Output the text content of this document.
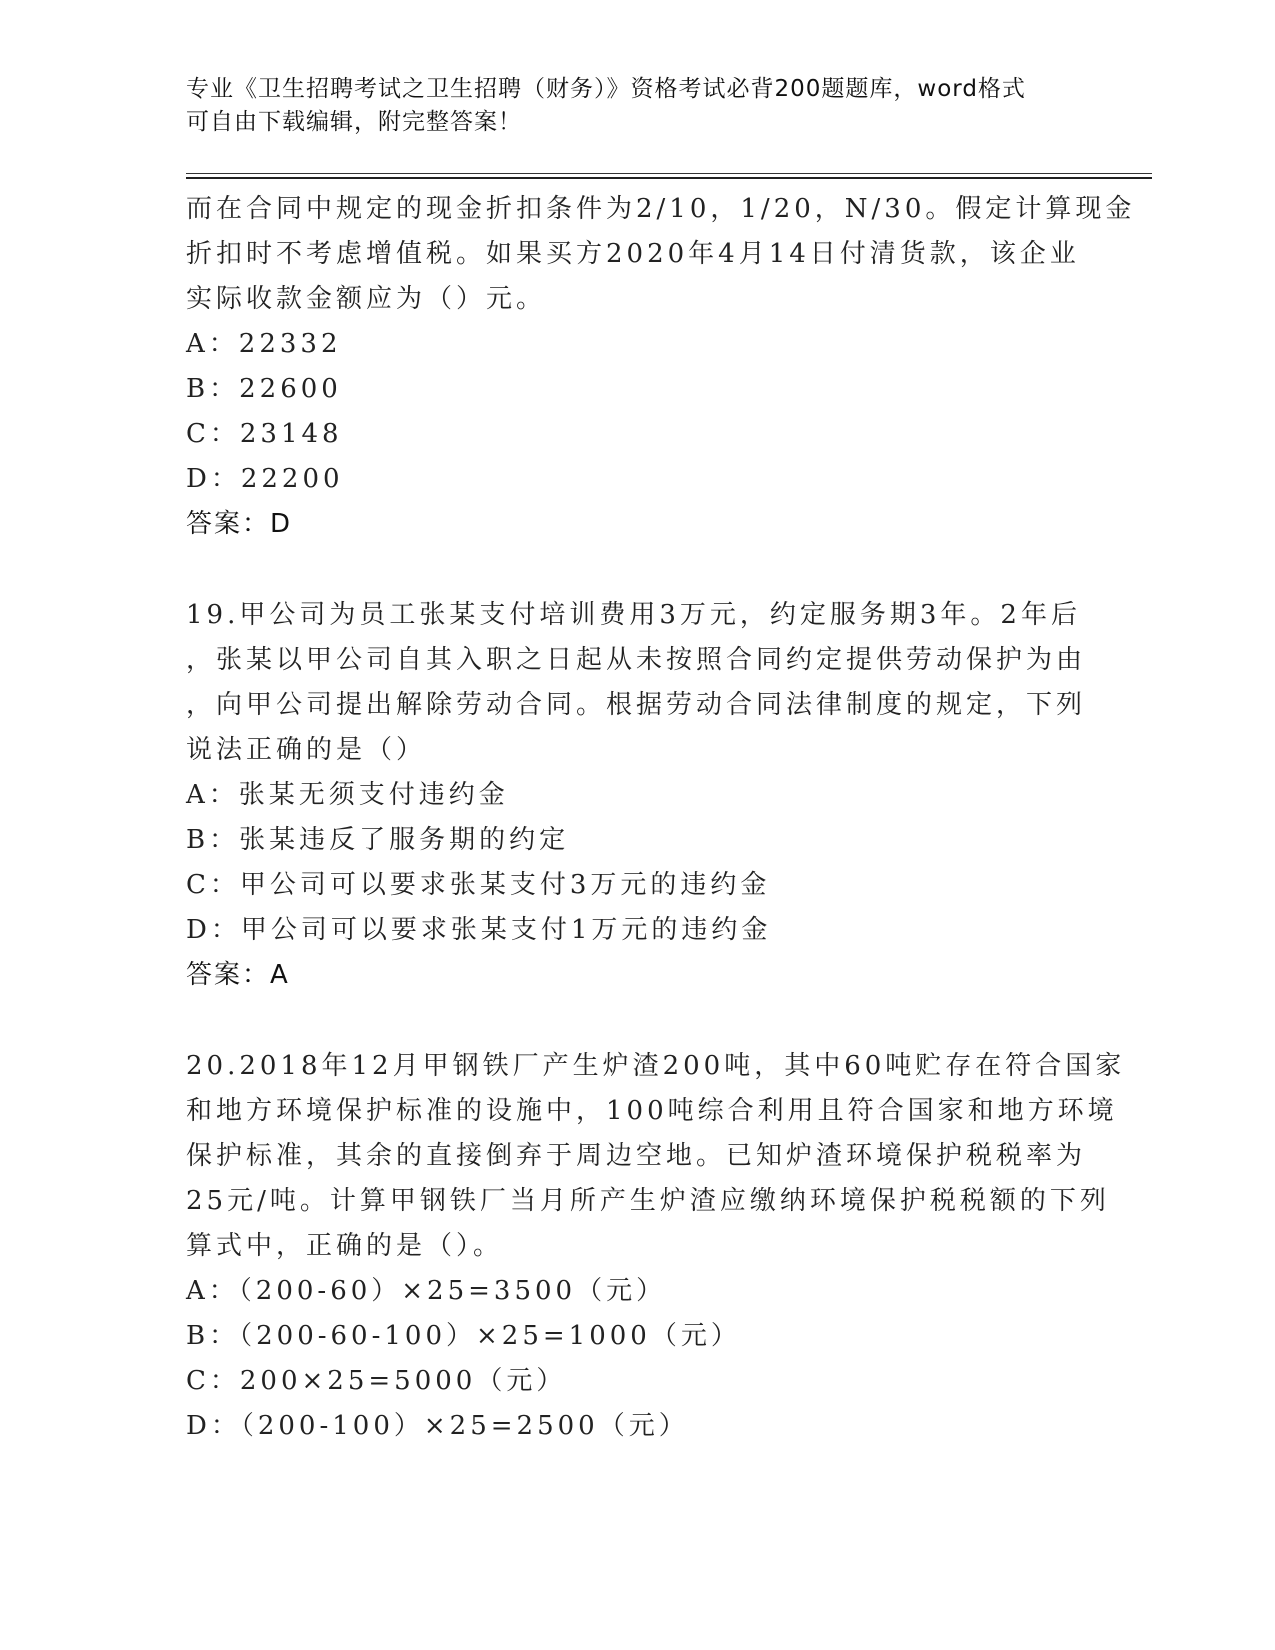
专业《卫生招聘考试之卫生招聘（财务）》资格考试必背200题题库，word格式
可自由下载编辑，附完整答案！
而在合同中规定的现金折扣条件为2/10，1/20，N/30。假定计算现金
折扣时不考虑增值税。如果买方2020年4月14日付清货款，该企业
实际收款金额应为（）元。
A：22332
B：22600
C：23148
D：22200
答案：D
19.甲公司为员工张某支付培训费用3万元，约定服务期3年。2年后
，张某以甲公司自其入职之日起从未按照合同约定提供劳动保护为由
，向甲公司提出解除劳动合同。根据劳动合同法律制度的规定，下列
说法正确的是（）
A：张某无须支付违约金
B：张某违反了服务期的约定
C：甲公司可以要求张某支付3万元的违约金
D：甲公司可以要求张某支付1万元的违约金
答案：A
20.2018年12月甲钢铁厂产生炉渣200吨，其中60吨贮存在符合国家
和地方环境保护标准的设施中，100吨综合利用且符合国家和地方环境
保护标准，其余的直接倒弃于周边空地。已知炉渣环境保护税税率为
25元/吨。计算甲钢铁厂当月所产生炉渣应缴纳环境保护税税额的下列
算式中，正确的是（）。
A：（200-60）×25=3500（元）
B：（200-60-100）×25=1000（元）
C：200×25=5000（元）
D：（200-100）×25=2500（元）
